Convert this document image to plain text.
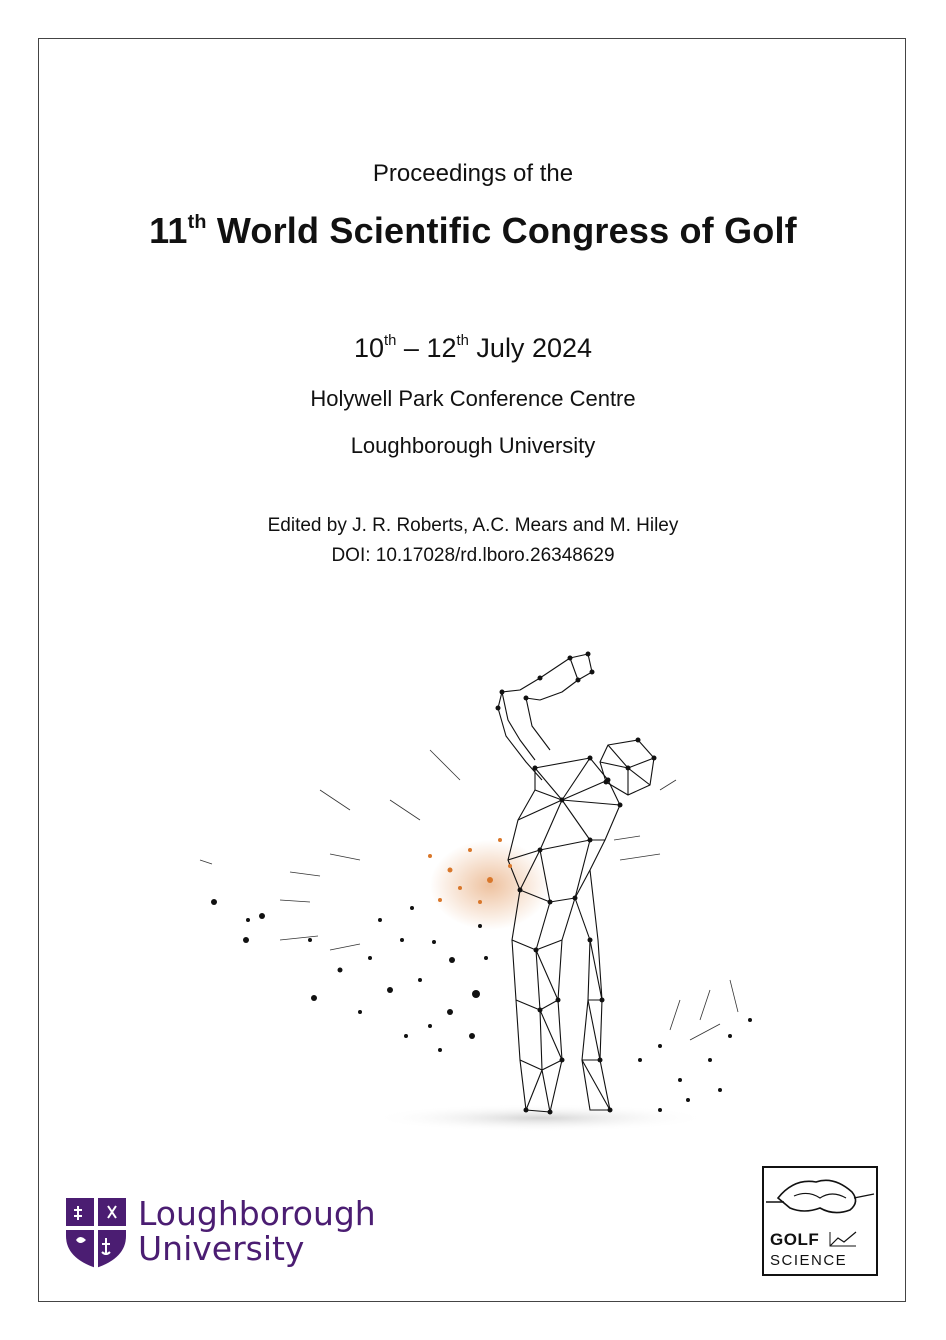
Proceedings of the
11th World Scientific Congress of Golf
10th – 12th July 2024
Holywell Park Conference Centre
Loughborough University
Edited by J. R. Roberts, A.C. Mears and M. Hiley
DOI: 10.17028/rd.lboro.26348629
Loughborough
University	GOLF
SCIENCE
